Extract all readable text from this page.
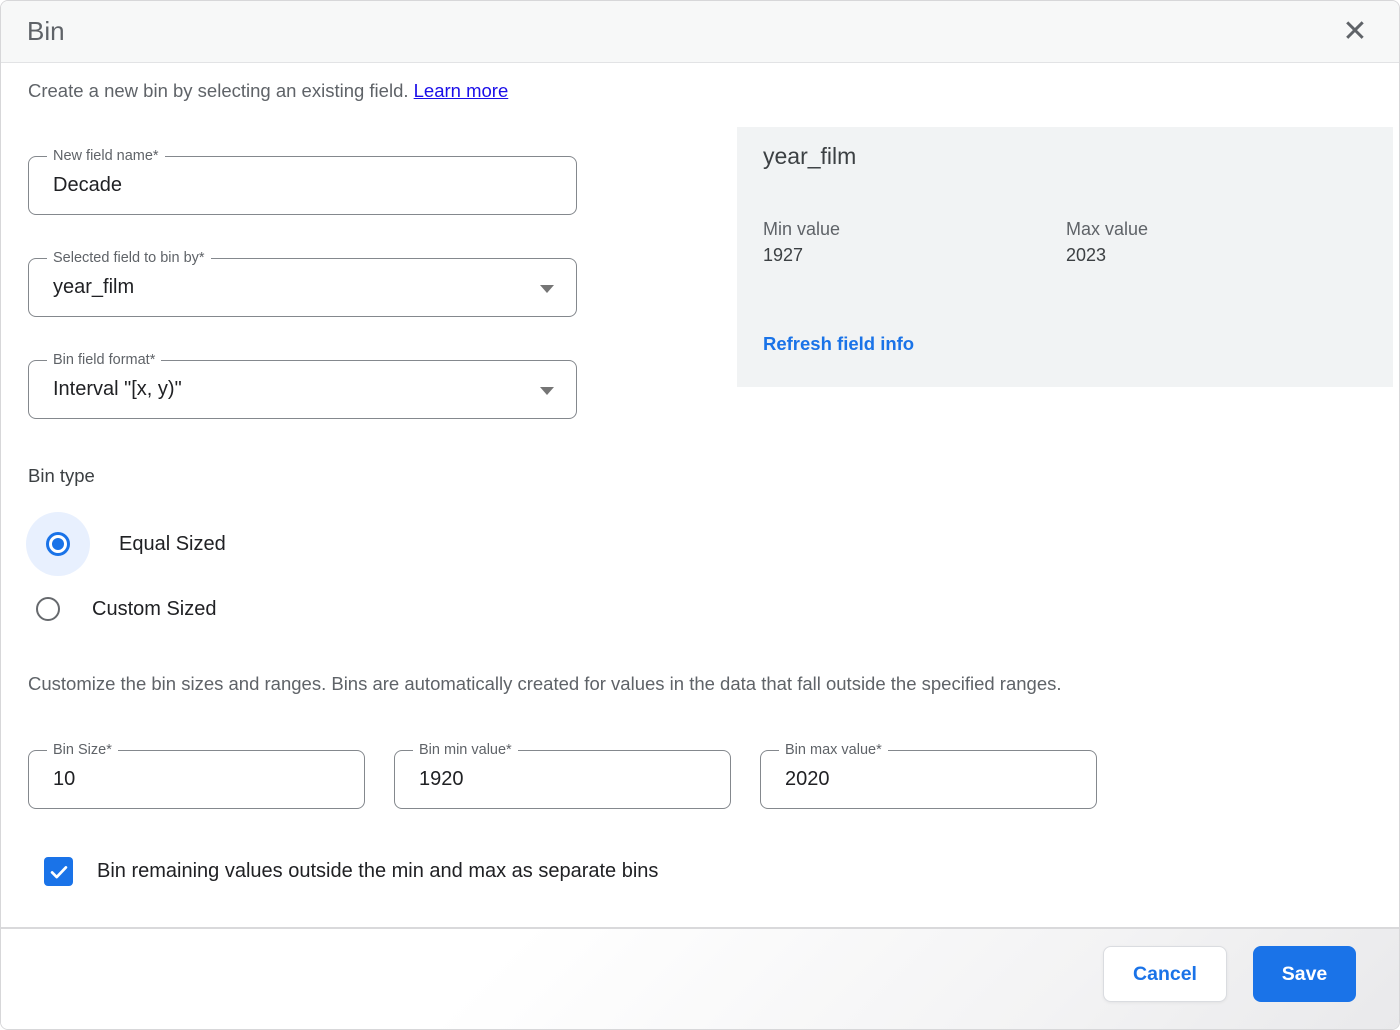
Bin	✕
Create a new bin by selecting an existing field. Learn more
New field name*
Decade
Selected field to bin by*
year_film
Bin field format*
Interval "[x, y)"
year_film
Min value
1927
Max value
2023
Refresh field info
Bin type
Equal Sized
Custom Sized
Customize the bin sizes and ranges. Bins are automatically created for values in the data that fall outside the specified ranges.
Bin Size*
10	Bin min value*
1920	Bin max value*
2020
Bin remaining values outside the min and max as separate bins
Cancel	Save
